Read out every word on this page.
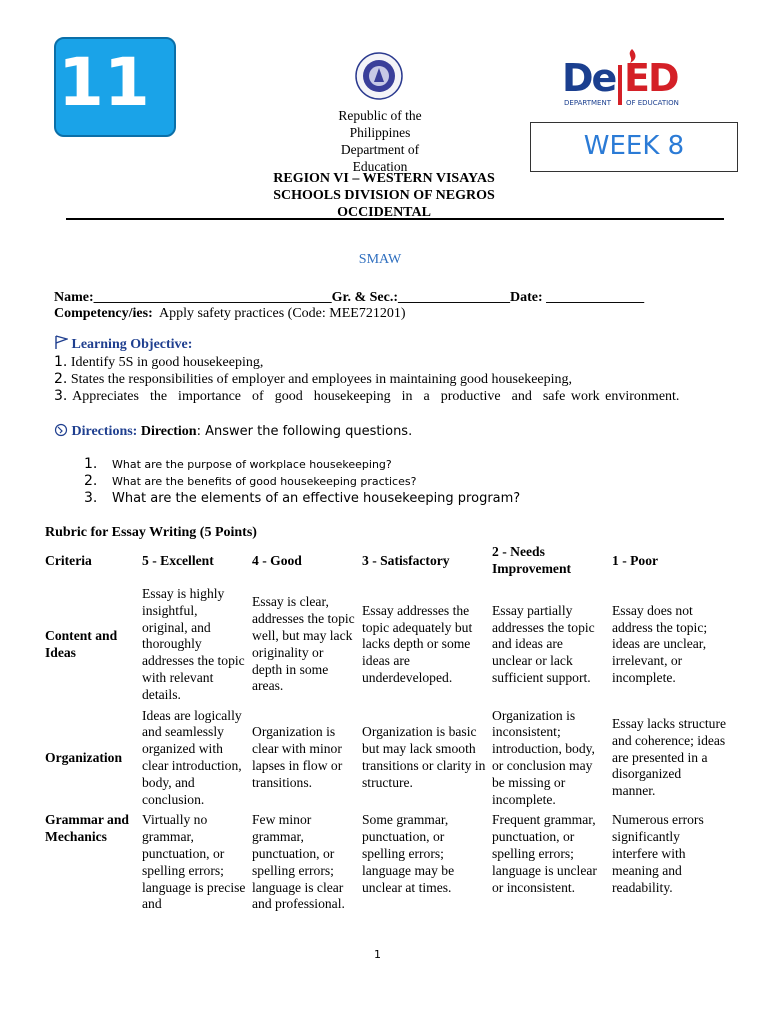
11	Republic of the Philippines Department of Education
De ED
DEPARTMENT OF EDUCATION
WEEK 8
REGION VI – WESTERN VISAYAS
SCHOOLS DIVISION OF NEGROS OCCIDENTAL
SMAW
Name:__________________________________Gr. & Sec.:________________Date: ______________
Competency/ies: Apply safety practices (Code: MEE721201)
Learning Objective:
1. Identify 5S in good housekeeping,
2. States the responsibilities of employer and employees in maintaining good housekeeping,
3. Appreciates  the  importance  of  good  housekeeping  in  a  productive  and  safe work environment.
Directions: Direction: Answer the following questions.
1. What are the purpose of workplace housekeeping?
2. What are the benefits of good housekeeping practices?
3. What are the elements of an effective housekeeping program?
Rubric for Essay Writing (5 Points)
Criteria	5 - Excellent	4 - Good	3 - Satisfactory	2 - Needs Improvement	1 - Poor
Content and Ideas	Essay is highly insightful, original, and thoroughly addresses the topic with relevant details.	Essay is clear, addresses the topic well, but may lack originality or depth in some areas.	Essay addresses the topic adequately but lacks depth or some ideas are underdeveloped.	Essay partially addresses the topic and ideas are unclear or lack sufficient support.	Essay does not address the topic; ideas are unclear, irrelevant, or incomplete.
Organization	Ideas are logically and seamlessly organized with clear introduction, body, and conclusion.	Organization is clear with minor lapses in flow or transitions.	Organization is basic but may lack smooth transitions or clarity in structure.	Organization is inconsistent; introduction, body, or conclusion may be missing or incomplete.	Essay lacks structure and coherence; ideas are presented in a disorganized manner.
Grammar and Mechanics	Virtually no grammar, punctuation, or spelling errors; language is precise and	Few minor grammar, punctuation, or spelling errors; language is clear and professional.	Some grammar, punctuation, or spelling errors; language may be unclear at times.	Frequent grammar, punctuation, or spelling errors; language is unclear or inconsistent.	Numerous errors significantly interfere with meaning and readability.
1
